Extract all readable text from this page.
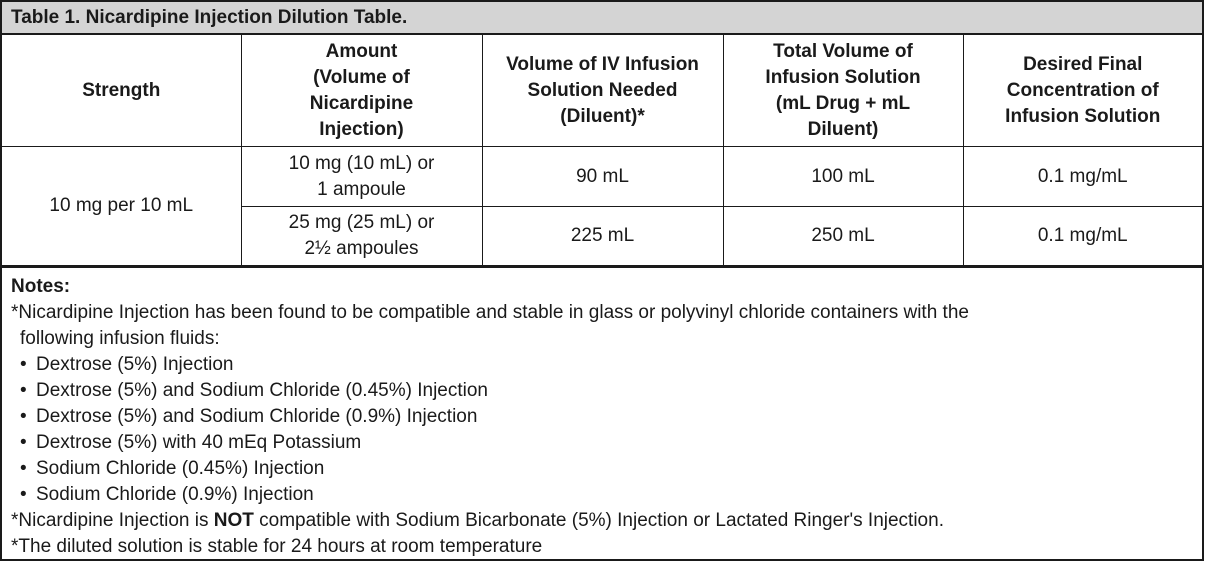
Table 1. Nicardipine Injection Dilution Table.
Strength	Amount
(Volume of
Nicardipine
Injection)	Volume of IV Infusion
Solution Needed
(Diluent)*	Total Volume of
Infusion Solution
(mL Drug + mL
Diluent)	Desired Final
Concentration of
Infusion Solution
10 mg per 10 mL	10 mg (10 mL) or
1 ampoule	90 mL	100 mL	0.1 mg/mL
	25 mg (25 mL) or
2½ ampoules	225 mL	250 mL	0.1 mg/mL
Notes:
*Nicardipine Injection has been found to be compatible and stable in glass or polyvinyl chloride containers with the
following infusion fluids:
• Dextrose (5%) Injection
• Dextrose (5%) and Sodium Chloride (0.45%) Injection
• Dextrose (5%) and Sodium Chloride (0.9%) Injection
• Dextrose (5%) with 40 mEq Potassium
• Sodium Chloride (0.45%) Injection
• Sodium Chloride (0.9%) Injection
*Nicardipine Injection is NOT compatible with Sodium Bicarbonate (5%) Injection or Lactated Ringer's Injection.
*The diluted solution is stable for 24 hours at room temperature
